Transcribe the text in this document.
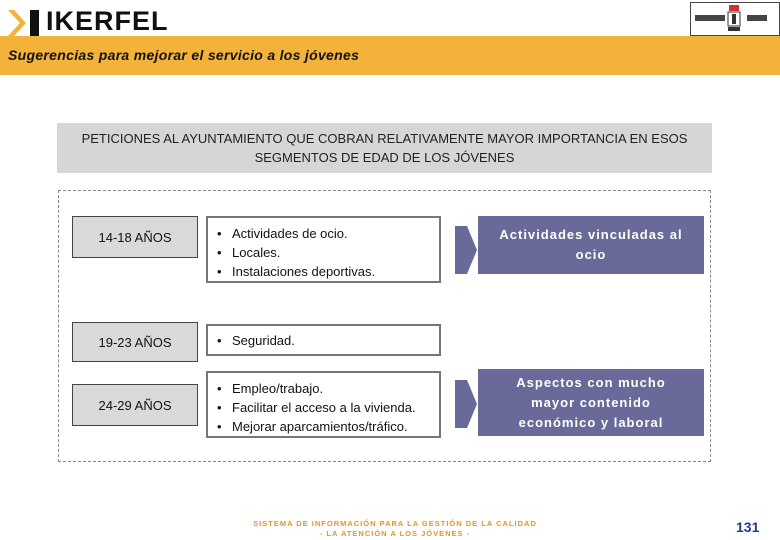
IKERFEL
Sugerencias para mejorar el servicio a los jóvenes
PETICIONES AL AYUNTAMIENTO QUE COBRAN RELATIVAMENTE MAYOR IMPORTANCIA EN ESOS SEGMENTOS DE EDAD DE LOS JÓVENES
14-18 AÑOS	• Actividades de ocio.
• Locales.
• Instalaciones deportivas.
Actividades vinculadas al ocio
19-23 AÑOS	• Seguridad.
24-29 AÑOS
• Empleo/trabajo.
• Facilitar el acceso a la vivienda.
• Mejorar aparcamientos/tráfico.
Aspectos con mucho mayor contenido económico y laboral
SISTEMA DE INFORMACIÓN PARA LA GESTIÓN DE LA CALIDAD
- LA ATENCIÓN A LOS JÓVENES -	131
